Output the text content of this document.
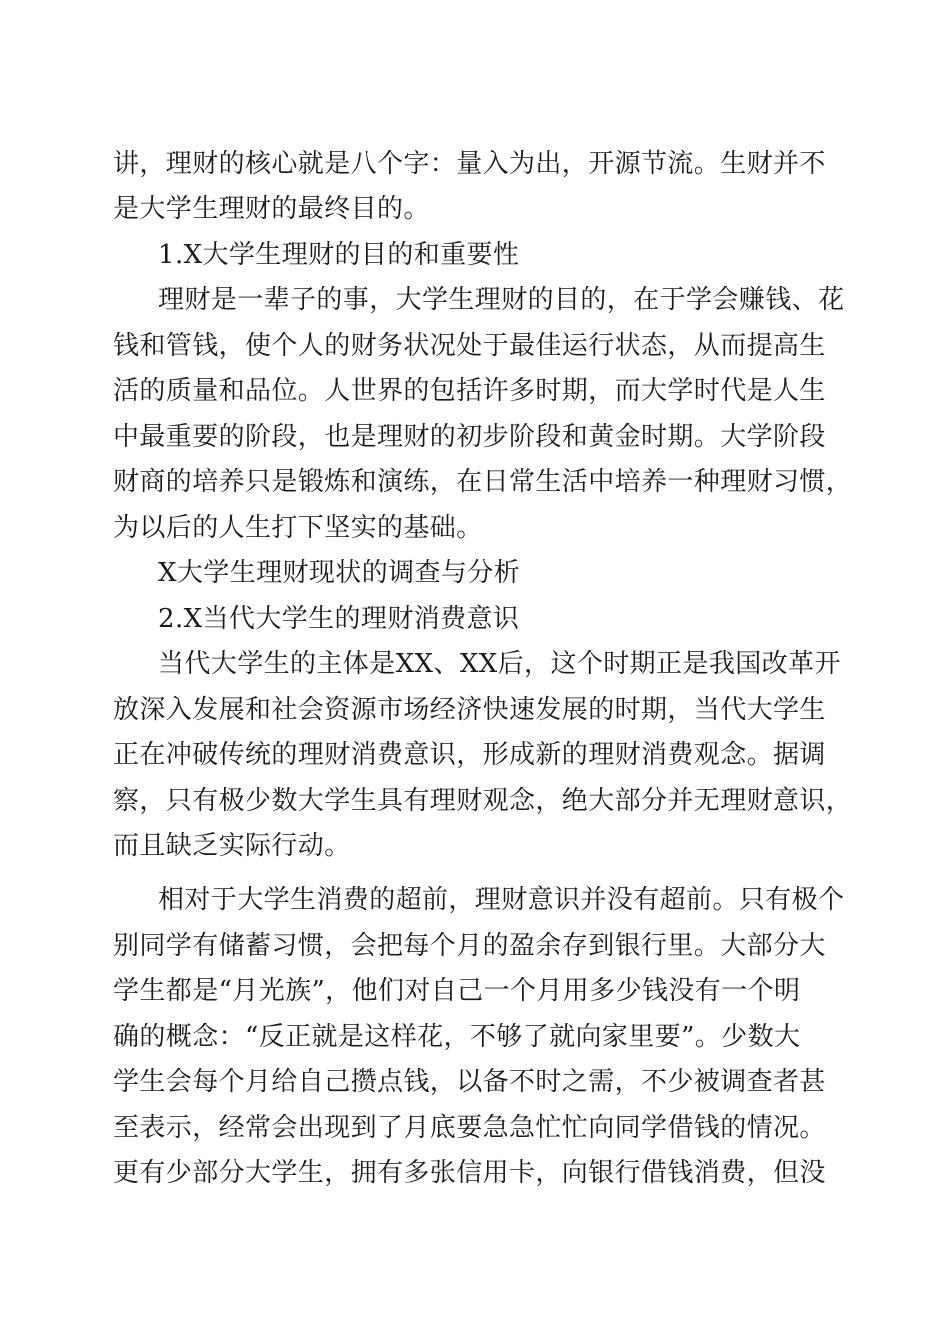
讲，理财的核心就是八个字：量入为出，开源节流。生财并不
是大学生理财的最终目的。
1.X大学生理财的目的和重要性
理财是一辈子的事，大学生理财的目的，在于学会赚钱、花
钱和管钱，使个人的财务状况处于最佳运行状态，从而提高生
活的质量和品位。人世界的包括许多时期，而大学时代是人生
中最重要的阶段，也是理财的初步阶段和黄金时期。大学阶段
财商的培养只是锻炼和演练，在日常生活中培养一种理财习惯，
为以后的人生打下坚实的基础。
X大学生理财现状的调查与分析
2.X当代大学生的理财消费意识
当代大学生的主体是XX、XX后，这个时期正是我国改革开
放深入发展和社会资源市场经济快速发展的时期，当代大学生
正在冲破传统的理财消费意识，形成新的理财消费观念。据调
察，只有极少数大学生具有理财观念，绝大部分并无理财意识，
而且缺乏实际行动。
相对于大学生消费的超前，理财意识并没有超前。只有极个
别同学有储蓄习惯，会把每个月的盈余存到银行里。大部分大
学生都是“月光族”，他们对自己一个月用多少钱没有一个明
确的概念：“反正就是这样花，不够了就向家里要”。少数大
学生会每个月给自己攒点钱，以备不时之需，不少被调查者甚
至表示，经常会出现到了月底要急急忙忙向同学借钱的情况。
更有少部分大学生，拥有多张信用卡，向银行借钱消费，但没
